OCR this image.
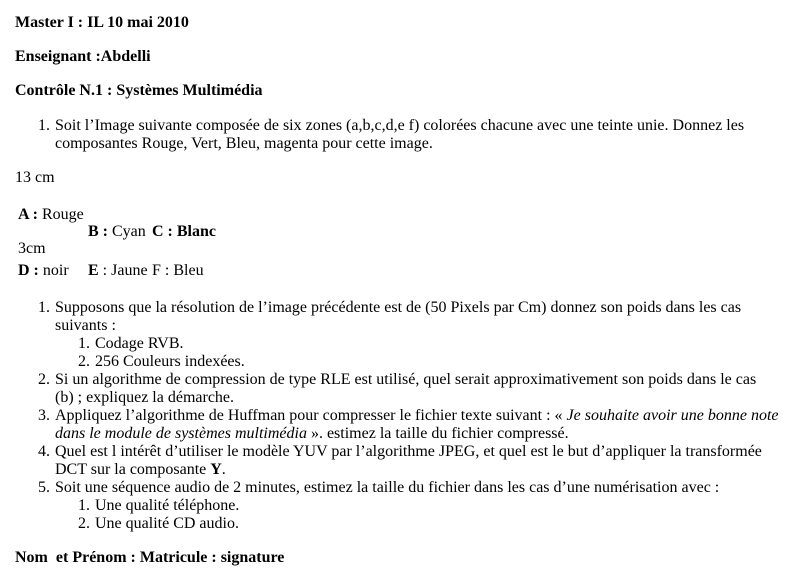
Master I : IL 10 mai 2010
Enseignant :Abdelli
Contrôle N.1 : Systèmes Multimédia
1. Soit l’Image suivante composée de six zones (a,b,c,d,e f) colorées chacune avec une teinte unie. Donnez les composantes Rouge, Vert, Bleu, magenta pour cette image.
13 cm
A : Rouge
B : Cyan C : Blanc
3cm
D : noir E : Jaune F : Bleu
1. Supposons que la résolution de l’image précédente est de (50 Pixels par Cm) donnez son poids dans les cas suivants :
1. Codage RVB.
2. 256 Couleurs indexées.
2. Si un algorithme de compression de type RLE est utilisé, quel serait approximativement son poids dans le cas (b) ; expliquez la démarche.
3. Appliquez l’algorithme de Huffman pour compresser le fichier texte suivant : « Je souhaite avoir une bonne note dans le module de systèmes multimédia ». estimez la taille du fichier compressé.
4. Quel est l intérêt d’utiliser le modèle YUV par l’algorithme JPEG, et quel est le but d’appliquer la transformée DCT sur la composante Y.
5. Soit une séquence audio de 2 minutes, estimez la taille du fichier dans les cas d’une numérisation avec :
1. Une qualité téléphone.
2. Une qualité CD audio.
Nom  et Prénom : Matricule : signature
